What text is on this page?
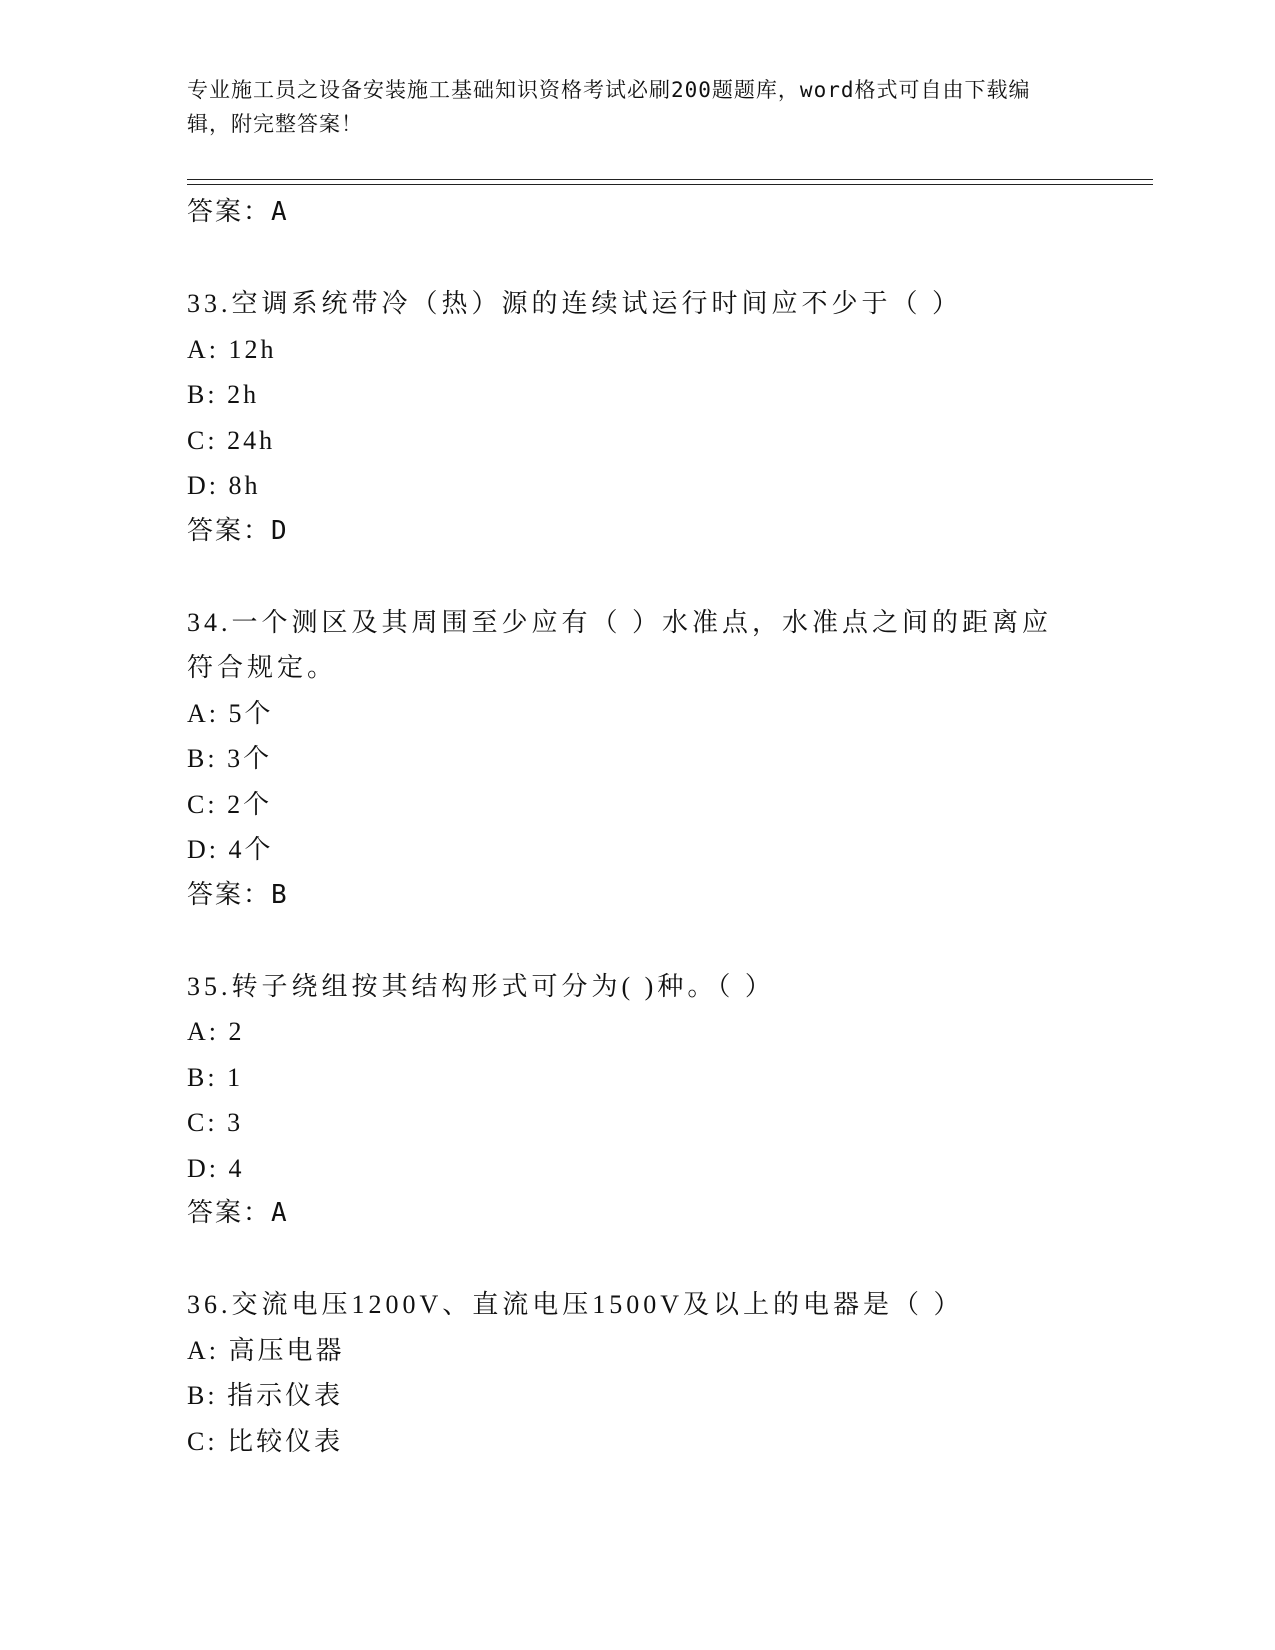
专业施工员之设备安装施工基础知识资格考试必刷200题题库，word格式可自由下载编辑，附完整答案！
答案：A
33.空调系统带冷（热）源的连续试运行时间应不少于（ ）
A: 12h
B: 2h
C: 24h
D: 8h
答案：D
34.一个测区及其周围至少应有（ ）水准点，水准点之间的距离应符合规定。
A: 5个
B: 3个
C: 2个
D: 4个
答案：B
35.转子绕组按其结构形式可分为( )种。（ ）
A: 2
B: 1
C: 3
D: 4
答案：A
36.交流电压1200V、直流电压1500V及以上的电器是（ ）
A: 高压电器
B: 指示仪表
C: 比较仪表
